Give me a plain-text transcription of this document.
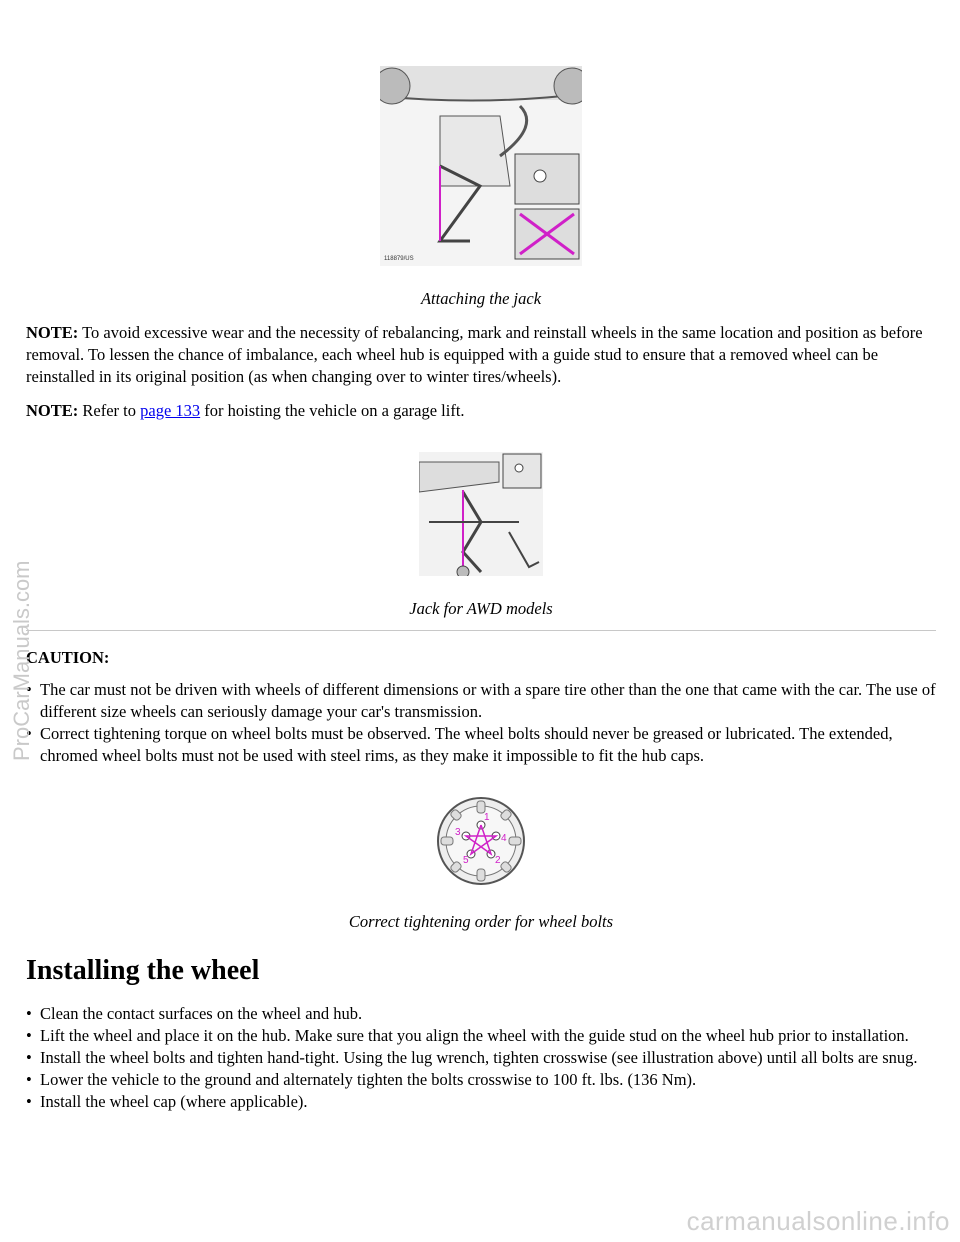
118879/US

Attaching the jack

NOTE: To avoid excessive wear and the necessity of rebalancing, mark and reinstall wheels in the same location and position as before removal. To lessen the chance of imbalance, each wheel hub is equipped with a guide stud to ensure that a removed wheel can be reinstalled in its original position (as when changing over to winter tires/wheels).

NOTE: Refer to page 133 for hoisting the vehicle on a garage lift.

Jack for AWD models

CAUTION:

• The car must not be driven with wheels of different dimensions or with a spare tire other than the one that came with the car. The use of different size wheels can seriously damage your car's transmission.
• Correct tightening torque on wheel bolts must be observed. The wheel bolts should never be greased or lubricated. The extended, chromed wheel bolts must not be used with steel rims, as they make it impossible to fit the hub caps.
1
2
3
4
5

Correct tightening order for wheel bolts

Installing the wheel
• Clean the contact surfaces on the wheel and hub.
• Lift the wheel and place it on the hub. Make sure that you align the wheel with the guide stud on the wheel hub prior to installation.
• Install the wheel bolts and tighten hand-tight. Using the lug wrench, tighten crosswise (see illustration above) until all bolts are snug.
• Lower the vehicle to the ground and alternately tighten the bolts crosswise to 100 ft. lbs. (136 Nm).
• Install the wheel cap (where applicable).
ProCarManuals.com
carmanualsonline.info
